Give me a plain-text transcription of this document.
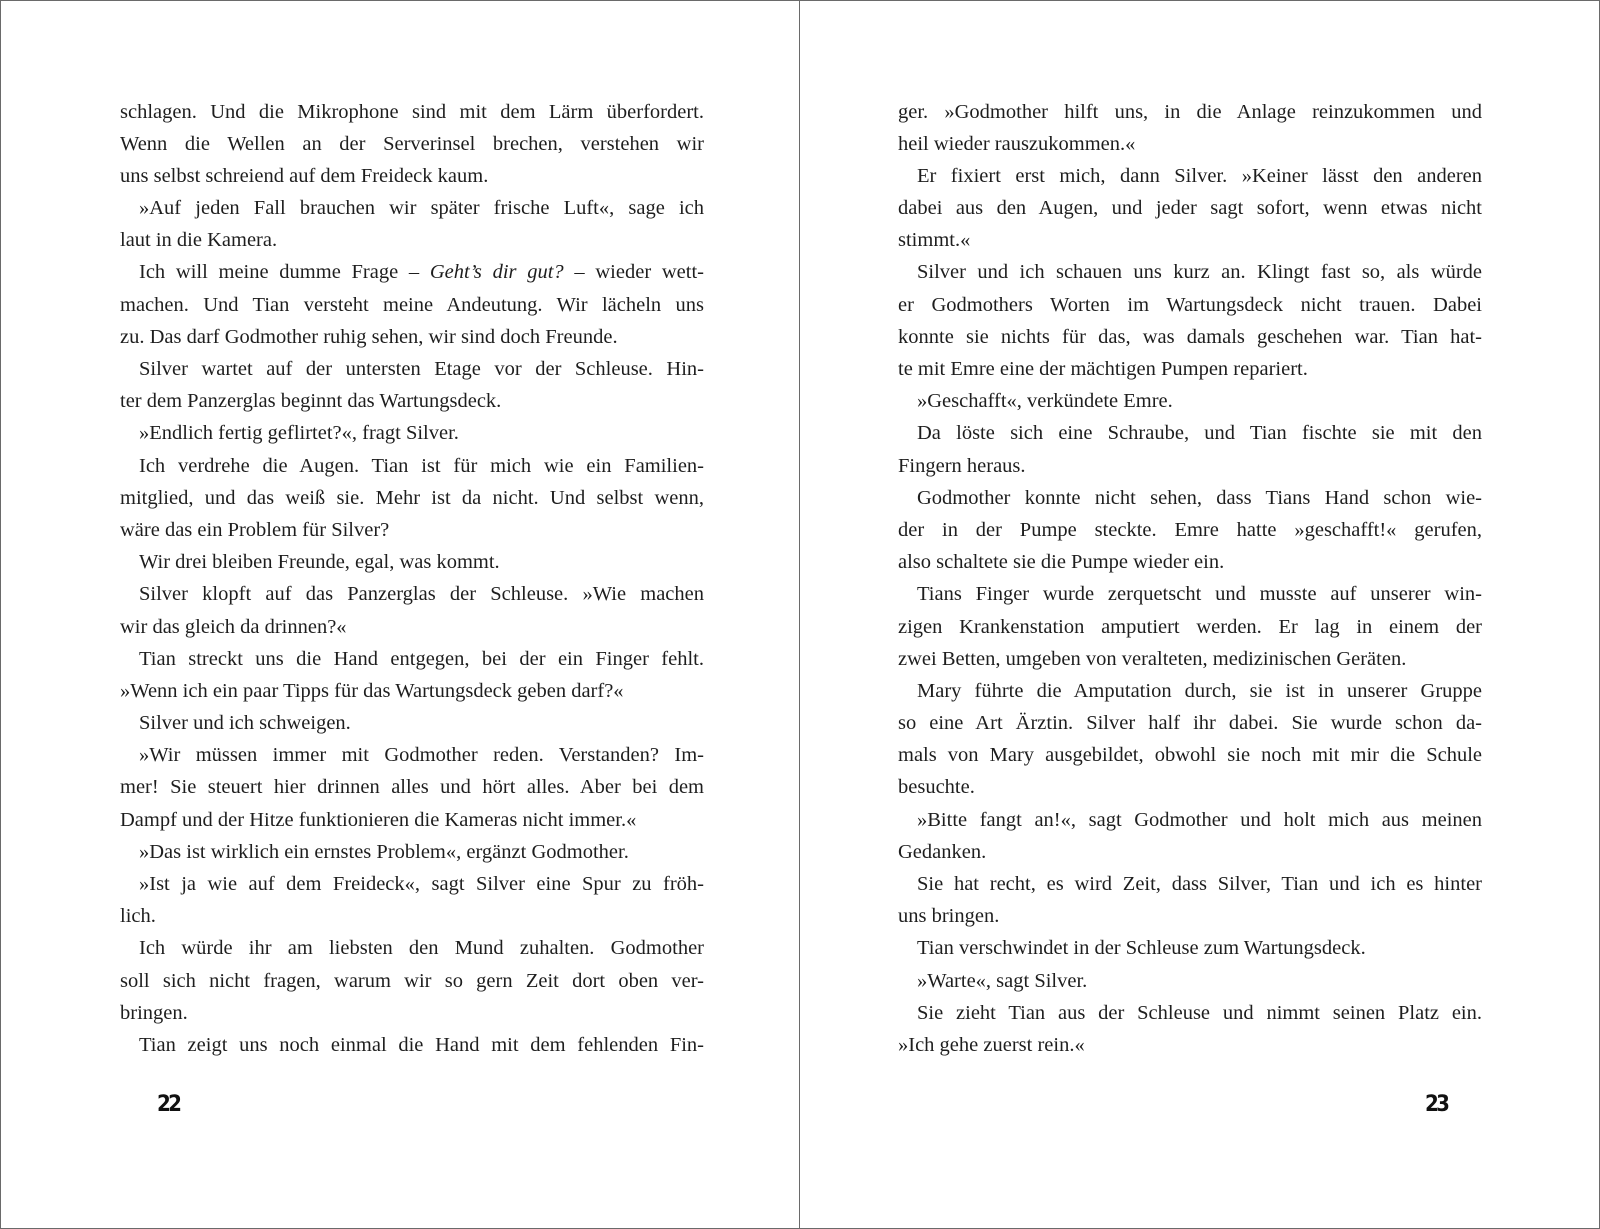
schlagen. Und die Mikrophone sind mit dem Lärm überfordert.
Wenn die Wellen an der Serverinsel brechen, verstehen wir
uns selbst schreiend auf dem Freideck kaum.
»Auf jeden Fall brauchen wir später frische Luft«, sage ich
laut in die Kamera.
Ich will meine dumme Frage – Geht’s dir gut? – wieder wett-
machen. Und Tian versteht meine Andeutung. Wir lächeln uns
zu. Das darf Godmother ruhig sehen, wir sind doch Freunde.
Silver wartet auf der untersten Etage vor der Schleuse. Hin-
ter dem Panzerglas beginnt das Wartungsdeck.
»Endlich fertig geflirtet?«, fragt Silver.
Ich verdrehe die Augen. Tian ist für mich wie ein Familien-
mitglied, und das weiß sie. Mehr ist da nicht. Und selbst wenn,
wäre das ein Problem für Silver?
Wir drei bleiben Freunde, egal, was kommt.
Silver klopft auf das Panzerglas der Schleuse. »Wie machen
wir das gleich da drinnen?«
Tian streckt uns die Hand entgegen, bei der ein Finger fehlt.
»Wenn ich ein paar Tipps für das Wartungsdeck geben darf?«
Silver und ich schweigen.
»Wir müssen immer mit Godmother reden. Verstanden? Im-
mer! Sie steuert hier drinnen alles und hört alles. Aber bei dem
Dampf und der Hitze funktionieren die Kameras nicht immer.«
»Das ist wirklich ein ernstes Problem«, ergänzt Godmother.
»Ist ja wie auf dem Freideck«, sagt Silver eine Spur zu fröh-
lich.
Ich würde ihr am liebsten den Mund zuhalten. Godmother
soll sich nicht fragen, warum wir so gern Zeit dort oben ver-
bringen.
Tian zeigt uns noch einmal die Hand mit dem fehlenden Fin-
22
ger. »Godmother hilft uns, in die Anlage reinzukommen und
heil wieder rauszukommen.«
Er fixiert erst mich, dann Silver. »Keiner lässt den anderen
dabei aus den Augen, und jeder sagt sofort, wenn etwas nicht
stimmt.«
Silver und ich schauen uns kurz an. Klingt fast so, als würde
er Godmothers Worten im Wartungsdeck nicht trauen. Dabei
konnte sie nichts für das, was damals geschehen war. Tian hat-
te mit Emre eine der mächtigen Pumpen repariert.
»Geschafft«, verkündete Emre.
Da löste sich eine Schraube, und Tian fischte sie mit den
Fingern heraus.
Godmother konnte nicht sehen, dass Tians Hand schon wie-
der in der Pumpe steckte. Emre hatte »geschafft!« gerufen,
also schaltete sie die Pumpe wieder ein.
Tians Finger wurde zerquetscht und musste auf unserer win-
zigen Krankenstation amputiert werden. Er lag in einem der
zwei Betten, umgeben von veralteten, medizinischen Geräten.
Mary führte die Amputation durch, sie ist in unserer Gruppe
so eine Art Ärztin. Silver half ihr dabei. Sie wurde schon da-
mals von Mary ausgebildet, obwohl sie noch mit mir die Schule
besuchte.
»Bitte fangt an!«, sagt Godmother und holt mich aus meinen
Gedanken.
Sie hat recht, es wird Zeit, dass Silver, Tian und ich es hinter
uns bringen.
Tian verschwindet in der Schleuse zum Wartungsdeck.
»Warte«, sagt Silver.
Sie zieht Tian aus der Schleuse und nimmt seinen Platz ein.
»Ich gehe zuerst rein.«
23
